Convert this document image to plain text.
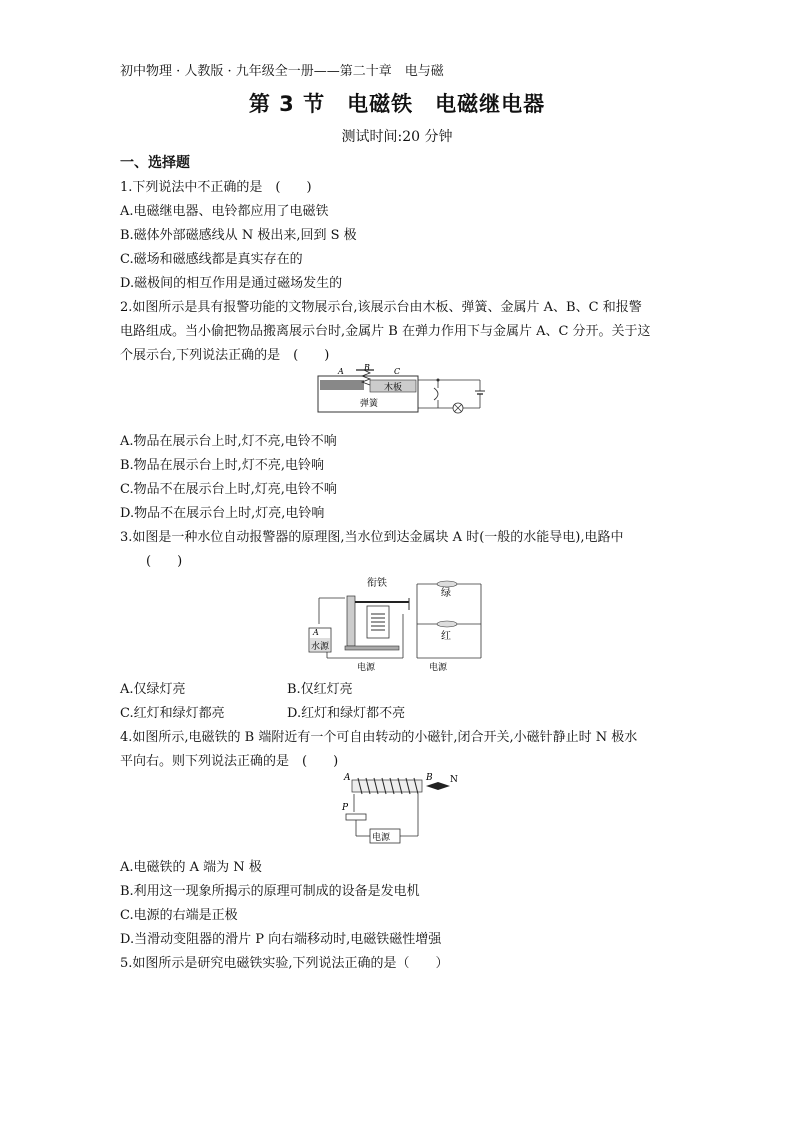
初中物理 · 人教版 · 九年级全一册——第二十章　电与磁
第 3 节　电磁铁　电磁继电器
测试时间:20 分钟
一、选择题
1.下列说法中不正确的是　(　　)
A.电磁继电器、电铃都应用了电磁铁
B.磁体外部磁感线从 N 极出来,回到 S 极
C.磁场和磁感线都是真实存在的
D.磁极间的相互作用是通过磁场发生的
2.如图所示是具有报警功能的文物展示台,该展示台由木板、弹簧、金属片 A、B、C 和报警
电路组成。当小偷把物品搬离展示台时,金属片 B 在弹力作用下与金属片 A、C 分开。关于这
个展示台,下列说法正确的是　(　　)
木板
A	B	C
弹簧
A.物品在展示台上时,灯不亮,电铃不响
B.物品在展示台上时,灯不亮,电铃响
C.物品不在展示台上时,灯亮,电铃不响
D.物品不在展示台上时,灯亮,电铃响
3.如图是一种水位自动报警器的原理图,当水位到达金属块 A 时(一般的水能导电),电路中
(　　)
衔铁
水源
A
电源
绿
红
电源
A.仅绿灯亮	B.仅红灯亮
C.红灯和绿灯都亮	D.红灯和绿灯都不亮
4.如图所示,电磁铁的 B 端附近有一个可自由转动的小磁针,闭合开关,小磁针静止时 N 极水
平向右。则下列说法正确的是　(　　)
A	B N
P
电源
A.电磁铁的 A 端为 N 极
B.利用这一现象所揭示的原理可制成的设备是发电机
C.电源的右端是正极
D.当滑动变阻器的滑片 P 向右端移动时,电磁铁磁性增强
5.如图所示是研究电磁铁实验,下列说法正确的是（　　）
